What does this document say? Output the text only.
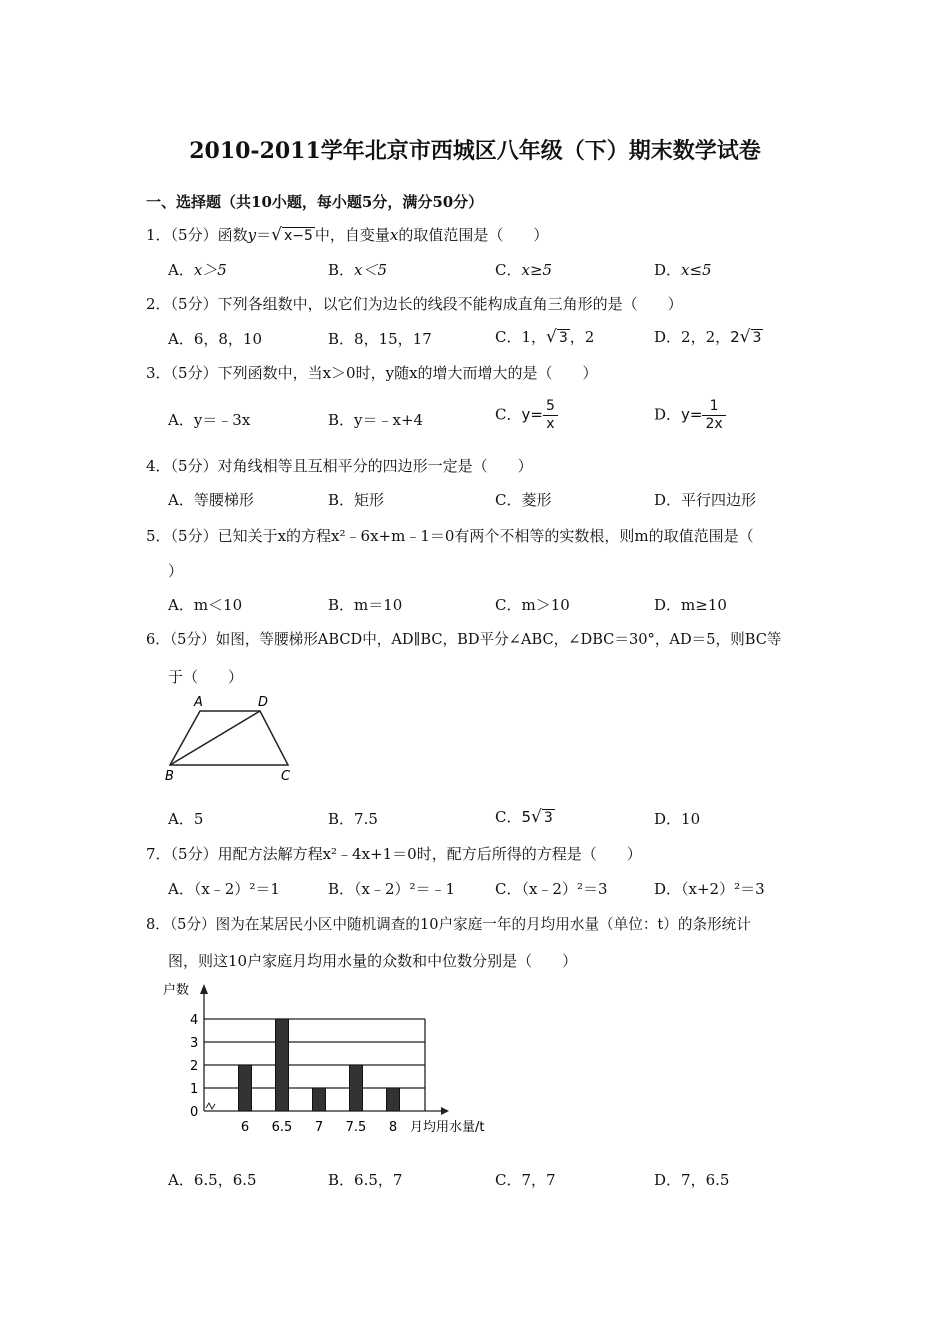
2010-2011学年北京市西城区八年级（下）期末数学试卷
一、选择题（共10小题，每小题5分，满分50分）
1．（5分）函数y＝√ x−5 中，自变量x的取值范围是（　　）
A．x＞5	B．x＜5	C．x≥5	D．x≤5
2．（5分）下列各组数中，以它们为边长的线段不能构成直角三角形的是（　　）
A．6，8，10	B．8，15，17	C．1，√ 3 ，2	D．2，2，2√ 3
3．（5分）下列函数中，当x＞0时，y随x的增大而增大的是（　　）
A．y＝﹣3x	B．y＝﹣x+4	C．$y= \frac{5}{x}$	D．$y= \frac{1}{2x}$
4．（5分）对角线相等且互相平分的四边形一定是（　　）
A．等腰梯形	B．矩形	C．菱形	D．平行四边形
5．（5分）已知关于x的方程x²﹣6x+m﹣1＝0有两个不相等的实数根，则m的取值范围是（
）
A．m＜10	B．m＝10	C．m＞10	D．m≥10
6．（5分）如图，等腰梯形ABCD中，AD∥BC，BD平分∠ABC，∠DBC＝30°，AD＝5，则BC等
于（　　）
A	D
B	C
A．5	B．7.5	C．5√ 3	D．10
7．（5分）用配方法解方程x²﹣4x+1＝0时，配方后所得的方程是（　　）
A．（x﹣2）²＝1	B．（x﹣2）²＝﹣1	C．（x﹣2）²＝3	D．（x+2）²＝3
8．（5分）图为在某居民小区中随机调查的10户家庭一年的月均用水量（单位：t）的条形统计
图，则这10户家庭月均用水量的众数和中位数分别是（　　）
户数
月均用水量/t
0
1
2
3
4
6 6.5 7 7.5 8
A．6.5，6.5	B．6.5，7	C．7，7	D．7，6.5
